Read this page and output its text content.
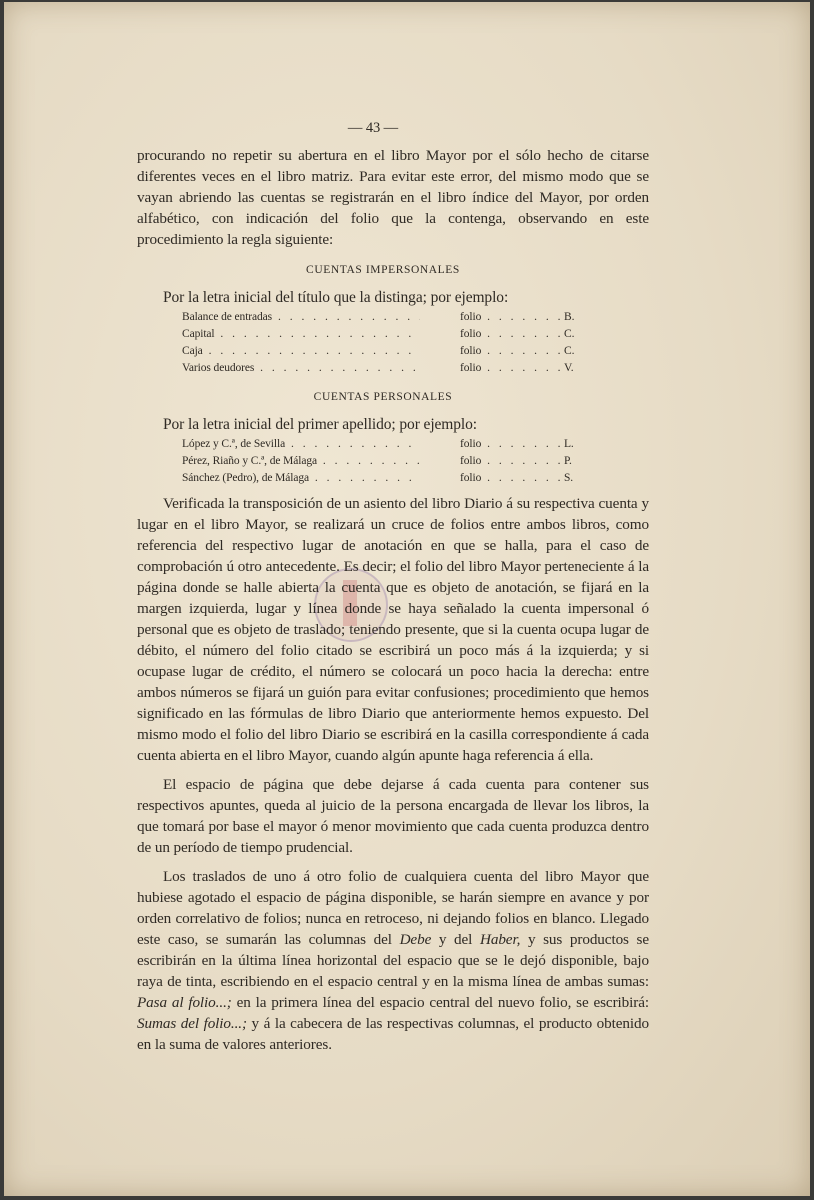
— 43 —

procurando no repetir su abertura en el libro Mayor por el sólo hecho de citarse diferentes veces en el libro matriz. Para evitar este error, del mismo modo que se vayan abriendo las cuentas se registrarán en el libro índice del Mayor, por orden alfabético, con indicación del folio que la contenga, observando en este procedimiento la regla siguiente:

CUENTAS IMPERSONALES
Por la letra inicial del título que la distinga; por ejemplo:
Balance de entradas . . .	folio . . .	B.
Capital . . .	folio . . .	C.
Caja . . .	folio . . .	C.
Varios deudores . . .	folio . . .	V.
CUENTAS PERSONALES
Por la letra inicial del primer apellido; por ejemplo:
López y C.ª, de Sevilla . . .	folio . . .	L.
Pérez, Riaño y C.ª, de Málaga . . .	folio . . .	P.
Sánchez (Pedro), de Málaga . . .	folio . . .	S.

Verificada la transposición de un asiento del libro Diario á su respectiva cuenta y lugar en el libro Mayor, se realizará un cruce de folios entre ambos libros, como referencia del respectivo lugar de anotación en que se halla, para el caso de comprobación ú otro antecedente. Es decir; el folio del libro Mayor perteneciente á la página donde se halle abierta la cuenta que es objeto de anotación, se fijará en la margen izquierda, lugar y línea donde se haya señalado la cuenta impersonal ó personal que es objeto de traslado; teniendo presente, que si la cuenta ocupa lugar de débito, el número del folio citado se escribirá un poco más á la izquierda; y si ocupase lugar de crédito, el número se colocará un poco hacia la derecha: entre ambos números se fijará un guión para evitar confusiones; procedimiento que hemos significado en las fórmulas de libro Diario que anteriormente hemos expuesto. Del mismo modo el folio del libro Diario se escribirá en la casilla correspondiente á cada cuenta abierta en el libro Mayor, cuando algún apunte haga referencia á ella.

El espacio de página que debe dejarse á cada cuenta para contener sus respectivos apuntes, queda al juicio de la persona encargada de llevar los libros, la que tomará por base el mayor ó menor movimiento que cada cuenta produzca dentro de un período de tiempo prudencial.

Los traslados de uno á otro folio de cualquiera cuenta del libro Mayor que hubiese agotado el espacio de página disponible, se harán siempre en avance y por orden correlativo de folios; nunca en retroceso, ni dejando folios en blanco. Llegado este caso, se sumarán las columnas del Debe y del Haber, y sus productos se escribirán en la última línea horizontal del espacio que se le dejó disponible, bajo raya de tinta, escribiendo en el espacio central y en la misma línea de ambas sumas: Pasa al folio...; en la primera línea del espacio central del nuevo folio, se escribirá: Sumas del folio...; y á la cabecera de las respectivas columnas, el producto obtenido en la suma de valores anteriores.
